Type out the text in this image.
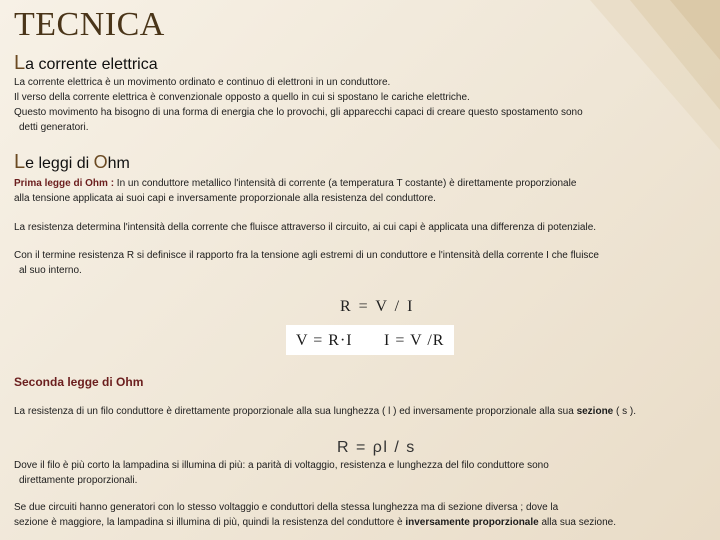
TECNICA
La corrente elettrica
La corrente elettrica è un movimento ordinato e continuo di elettroni in un conduttore.
Il verso della corrente elettrica è convenzionale opposto a quello in cui si spostano le cariche elettriche.
Questo movimento ha bisogno di una forma di energia che lo provochi, gli apparecchi capaci di creare questo spostamento sono
detti generatori.
Le leggi di Ohm
Prima legge di Ohm : In un conduttore metallico l'intensità di corrente (a temperatura T costante) è direttamente proporzionale
alla tensione applicata ai suoi capi e inversamente proporzionale alla resistenza del conduttore.
La resistenza determina l'intensità della corrente che fluisce attraverso il circuito, ai cui capi è applicata una differenza di potenziale.
Con il termine resistenza R si definisce il rapporto fra la tensione agli estremi di un conduttore e l'intensità della corrente I che fluisce
al suo interno.
R = V / I
V = R·I I = V /R
Seconda legge di Ohm
La resistenza di un filo conduttore è direttamente proporzionale alla sua lunghezza ( l ) ed inversamente proporzionale alla sua sezione ( s ).
R = ρl / s
Dove il filo è più corto la lampadina si illumina di più: a parità di voltaggio, resistenza e lunghezza del filo conduttore sono
direttamente proporzionali.
Se due circuiti hanno generatori con lo stesso voltaggio e conduttori della stessa lunghezza ma di sezione diversa ; dove la
sezione è maggiore, la lampadina si illumina di più, quindi la resistenza del conduttore è inversamente proporzionale alla sua sezione.
